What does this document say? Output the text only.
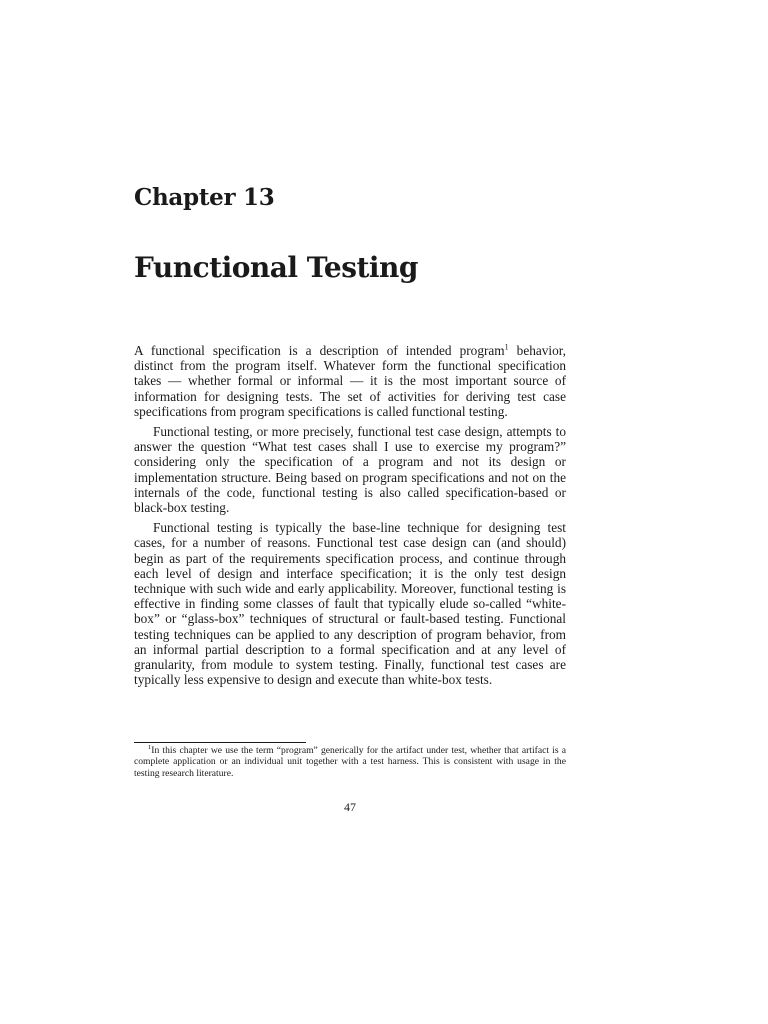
Chapter 13
Functional Testing

A functional specification is a description of intended program$^1$ behavior, distinct from the program itself. Whatever form the functional specification takes — whether formal or informal — it is the most important source of information for designing tests. The set of activities for deriving test case specifications from program specifications is called functional testing.

Functional testing, or more precisely, functional test case design, attempts to answer the question “What test cases shall I use to exercise my program?” considering only the specification of a program and not its design or implementation structure. Being based on program specifications and not on the internals of the code, functional testing is also called specification-based or black-box testing.

Functional testing is typically the base-line technique for designing test cases, for a number of reasons. Functional test case design can (and should) begin as part of the requirements specification process, and continue through each level of design and interface specification; it is the only test design technique with such wide and early applicability. Moreover, functional testing is effective in finding some classes of fault that typically elude so-called “white-box” or “glass-box” techniques of structural or fault-based testing. Functional testing techniques can be applied to any description of program behavior, from an informal partial description to a formal specification and at any level of granularity, from module to system testing. Finally, functional test cases are typically less expensive to design and execute than white-box tests.

$^1$In this chapter we use the term “program” generically for the artifact under test, whether that artifact is a complete application or an individual unit together with a test harness. This is consistent with usage in the testing research literature.

47
